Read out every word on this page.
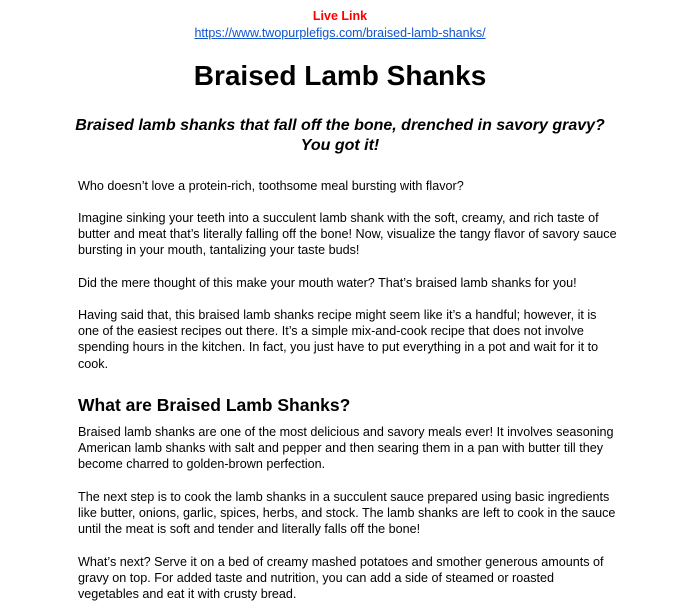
Live Link
https://www.twopurplefigs.com/braised-lamb-shanks/
Braised Lamb Shanks
Braised lamb shanks that fall off the bone, drenched in savory gravy? You got it!

Who doesn’t love a protein-rich, toothsome meal bursting with flavor?

Imagine sinking your teeth into a succulent lamb shank with the soft, creamy, and rich taste of butter and meat that’s literally falling off the bone! Now, visualize the tangy flavor of savory sauce bursting in your mouth, tantalizing your taste buds!

Did the mere thought of this make your mouth water? That’s braised lamb shanks for you!

Having said that, this braised lamb shanks recipe might seem like it’s a handful; however, it is one of the easiest recipes out there. It’s a simple mix-and-cook recipe that does not involve spending hours in the kitchen. In fact, you just have to put everything in a pot and wait for it to cook.

What are Braised Lamb Shanks?

Braised lamb shanks are one of the most delicious and savory meals ever! It involves seasoning American lamb shanks with salt and pepper and then searing them in a pan with butter till they become charred to golden-brown perfection.

The next step is to cook the lamb shanks in a succulent sauce prepared using basic ingredients like butter, onions, garlic, spices, herbs, and stock. The lamb shanks are left to cook in the sauce until the meat is soft and tender and literally falls off the bone!

What’s next? Serve it on a bed of creamy mashed potatoes and smother generous amounts of gravy on top. For added taste and nutrition, you can add a side of steamed or roasted vegetables and eat it with crusty bread.
